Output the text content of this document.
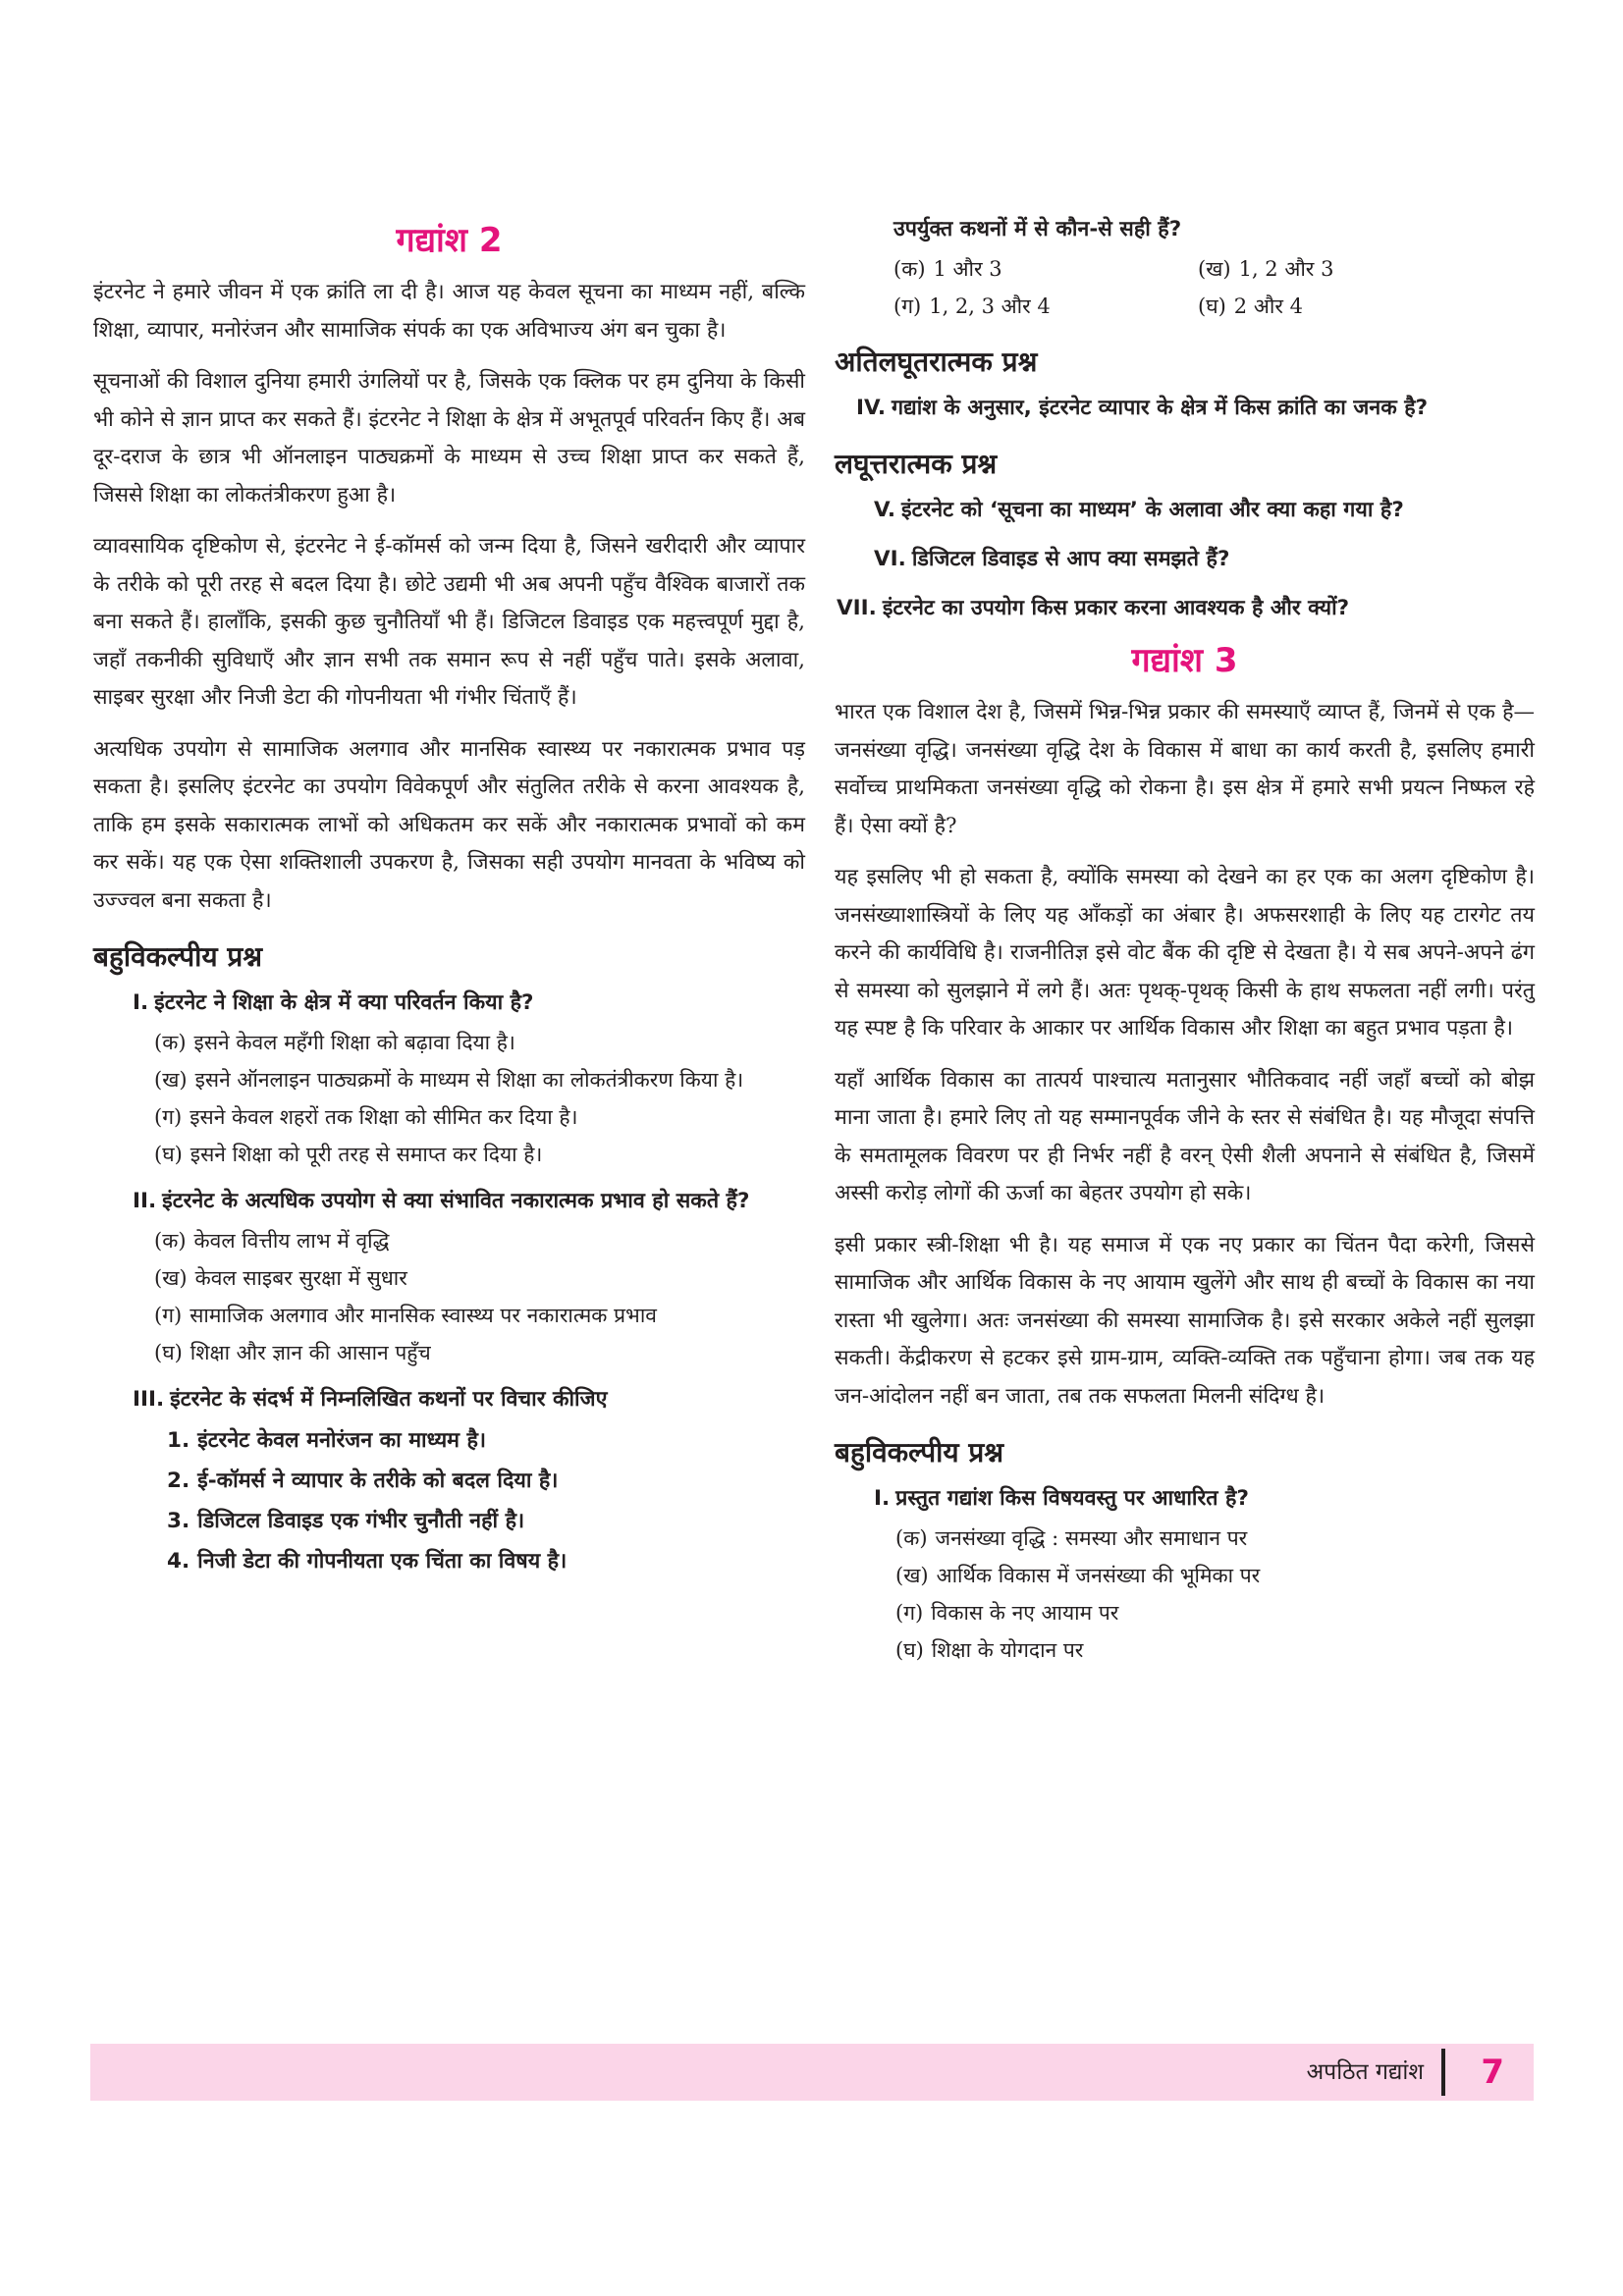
गद्यांश 2

इंटरनेट ने हमारे जीवन में एक क्रांति ला दी है। आज यह केवल सूचना का माध्यम नहीं, बल्कि शिक्षा, व्यापार, मनोरंजन और सामाजिक संपर्क का एक अविभाज्य अंग बन चुका है।

सूचनाओं की विशाल दुनिया हमारी उंगलियों पर है, जिसके एक क्लिक पर हम दुनिया के किसी भी कोने से ज्ञान प्राप्त कर सकते हैं। इंटरनेट ने शिक्षा के क्षेत्र में अभूतपूर्व परिवर्तन किए हैं। अब दूर-दराज के छात्र भी ऑनलाइन पाठ्यक्रमों के माध्यम से उच्च शिक्षा प्राप्त कर सकते हैं, जिससे शिक्षा का लोकतंत्रीकरण हुआ है।

व्यावसायिक दृष्टिकोण से, इंटरनेट ने ई-कॉमर्स को जन्म दिया है, जिसने खरीदारी और व्यापार के तरीके को पूरी तरह से बदल दिया है। छोटे उद्यमी भी अब अपनी पहुँच वैश्विक बाजारों तक बना सकते हैं। हालाँकि, इसकी कुछ चुनौतियाँ भी हैं। डिजिटल डिवाइड एक महत्त्वपूर्ण मुद्दा है, जहाँ तकनीकी सुविधाएँ और ज्ञान सभी तक समान रूप से नहीं पहुँच पाते। इसके अलावा, साइबर सुरक्षा और निजी डेटा की गोपनीयता भी गंभीर चिंताएँ हैं।

अत्यधिक उपयोग से सामाजिक अलगाव और मानसिक स्वास्थ्य पर नकारात्मक प्रभाव पड़ सकता है। इसलिए इंटरनेट का उपयोग विवेकपूर्ण और संतुलित तरीके से करना आवश्यक है, ताकि हम इसके सकारात्मक लाभों को अधिकतम कर सकें और नकारात्मक प्रभावों को कम कर सकें। यह एक ऐसा शक्तिशाली उपकरण है, जिसका सही उपयोग मानवता के भविष्य को उज्ज्वल बना सकता है।

बहुविकल्पीय प्रश्न
I. इंटरनेट ने शिक्षा के क्षेत्र में क्या परिवर्तन किया है?
(क) इसने केवल महँगी शिक्षा को बढ़ावा दिया है।
(ख) इसने ऑनलाइन पाठ्यक्रमों के माध्यम से शिक्षा का लोकतंत्रीकरण किया है।
(ग) इसने केवल शहरों तक शिक्षा को सीमित कर दिया है।
(घ) इसने शिक्षा को पूरी तरह से समाप्त कर दिया है।
II. इंटरनेट के अत्यधिक उपयोग से क्या संभावित नकारात्मक प्रभाव हो सकते हैं?
(क) केवल वित्तीय लाभ में वृद्धि
(ख) केवल साइबर सुरक्षा में सुधार
(ग) सामाजिक अलगाव और मानसिक स्वास्थ्य पर नकारात्मक प्रभाव
(घ) शिक्षा और ज्ञान की आसान पहुँच
III. इंटरनेट के संदर्भ में निम्नलिखित कथनों पर विचार कीजिए
1. इंटरनेट केवल मनोरंजन का माध्यम है।
2. ई-कॉमर्स ने व्यापार के तरीके को बदल दिया है।
3. डिजिटल डिवाइड एक गंभीर चुनौती नहीं है।
4. निजी डेटा की गोपनीयता एक चिंता का विषय है।
उपर्युक्त कथनों में से कौन-से सही हैं?
(क) 1 और 3	(ख) 1, 2 और 3
(ग) 1, 2, 3 और 4	(घ) 2 और 4
अतिलघूतरात्मक प्रश्न
IV. गद्यांश के अनुसार, इंटरनेट व्यापार के क्षेत्र में किस क्रांति का जनक है?
लघूत्तरात्मक प्रश्न
V. इंटरनेट को ‘सूचना का माध्यम’ के अलावा और क्या कहा गया है?
VI. डिजिटल डिवाइड से आप क्या समझते हैं?
VII. इंटरनेट का उपयोग किस प्रकार करना आवश्यक है और क्यों?
गद्यांश 3

भारत एक विशाल देश है, जिसमें भिन्न-भिन्न प्रकार की समस्याएँ व्याप्त हैं, जिनमें से एक है—जनसंख्या वृद्धि। जनसंख्या वृद्धि देश के विकास में बाधा का कार्य करती है, इसलिए हमारी सर्वोच्च प्राथमिकता जनसंख्या वृद्धि को रोकना है। इस क्षेत्र में हमारे सभी प्रयत्न निष्फल रहे हैं। ऐसा क्यों है?

यह इसलिए भी हो सकता है, क्योंकि समस्या को देखने का हर एक का अलग दृष्टिकोण है। जनसंख्याशास्त्रियों के लिए यह आँकड़ों का अंबार है। अफसरशाही के लिए यह टारगेट तय करने की कार्यविधि है। राजनीतिज्ञ इसे वोट बैंक की दृष्टि से देखता है। ये सब अपने-अपने ढंग से समस्या को सुलझाने में लगे हैं। अतः पृथक्-पृथक् किसी के हाथ सफलता नहीं लगी। परंतु यह स्पष्ट है कि परिवार के आकार पर आर्थिक विकास और शिक्षा का बहुत प्रभाव पड़ता है।

यहाँ आर्थिक विकास का तात्पर्य पाश्चात्य मतानुसार भौतिकवाद नहीं जहाँ बच्चों को बोझ माना जाता है। हमारे लिए तो यह सम्मानपूर्वक जीने के स्तर से संबंधित है। यह मौजूदा संपत्ति के समतामूलक विवरण पर ही निर्भर नहीं है वरन् ऐसी शैली अपनाने से संबंधित है, जिसमें अस्सी करोड़ लोगों की ऊर्जा का बेहतर उपयोग हो सके।

इसी प्रकार स्त्री-शिक्षा भी है। यह समाज में एक नए प्रकार का चिंतन पैदा करेगी, जिससे सामाजिक और आर्थिक विकास के नए आयाम खुलेंगे और साथ ही बच्चों के विकास का नया रास्ता भी खुलेगा। अतः जनसंख्या की समस्या सामाजिक है। इसे सरकार अकेले नहीं सुलझा सकती। केंद्रीकरण से हटकर इसे ग्राम-ग्राम, व्यक्ति-व्यक्ति तक पहुँचाना होगा। जब तक यह जन-आंदोलन नहीं बन जाता, तब तक सफलता मिलनी संदिग्ध है।

बहुविकल्पीय प्रश्न
I. प्रस्तुत गद्यांश किस विषयवस्तु पर आधारित है?
(क) जनसंख्या वृद्धि : समस्या और समाधान पर
(ख) आर्थिक विकास में जनसंख्या की भूमिका पर
(ग) विकास के नए आयाम पर
(घ) शिक्षा के योगदान पर
अपठित गद्यांश 7
